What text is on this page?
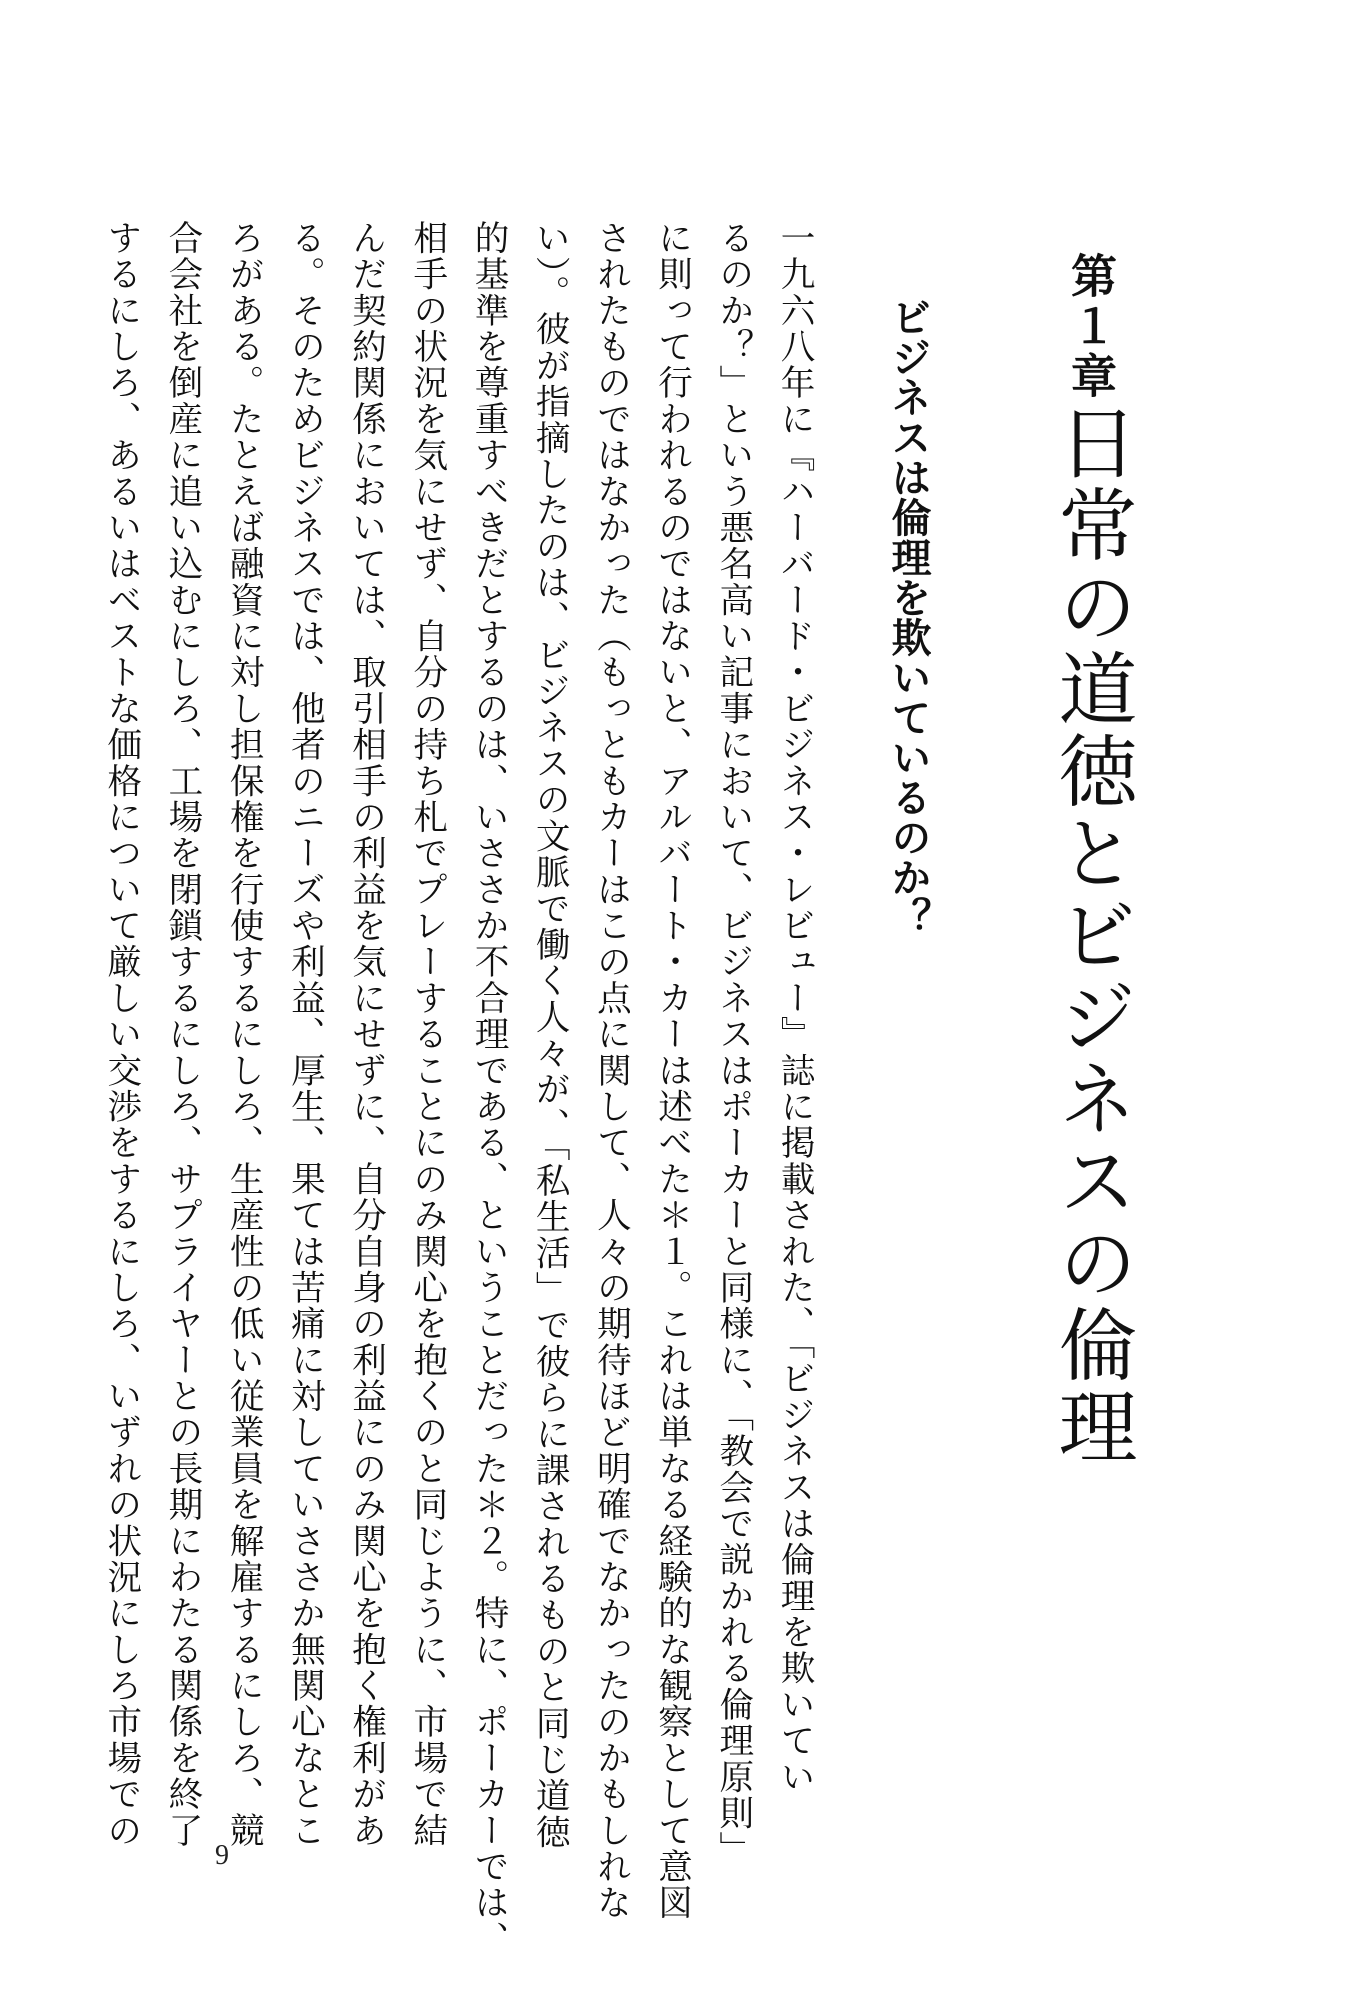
第１章
日常の道徳とビジネスの倫理
ビジネスは倫理を欺いているのか？
一九六八年に『ハーバード・ビジネス・レビュー』誌に掲載された、「ビジネスは倫理を欺いてい
るのか？」という悪名高い記事において、ビジネスはポーカーと同様に、「教会で説かれる倫理原則」
に則って行われるのではないと、アルバート・カーは述べた＊１。これは単なる経験的な観察として意図
されたものではなかった（もっともカーはこの点に関して、人々の期待ほど明確でなかったのかもしれな
い）。彼が指摘したのは、ビジネスの文脈で働く人々が、「私生活」で彼らに課されるものと同じ道徳
的基準を尊重すべきだとするのは、いささか不合理である、ということだった＊２。特に、ポーカーでは、
相手の状況を気にせず、自分の持ち札でプレーすることにのみ関心を抱くのと同じように、市場で結
んだ契約関係においては、取引相手の利益を気にせずに、自分自身の利益にのみ関心を抱く権利があ
る。そのためビジネスでは、他者のニーズや利益、厚生、果ては苦痛に対していささか無関心なとこ
ろがある。たとえば融資に対し担保権を行使するにしろ、生産性の低い従業員を解雇するにしろ、競
合会社を倒産に追い込むにしろ、工場を閉鎖するにしろ、サプライヤーとの長期にわたる関係を終了
するにしろ、あるいはベストな価格について厳しい交渉をするにしろ、いずれの状況にしろ市場での
9
